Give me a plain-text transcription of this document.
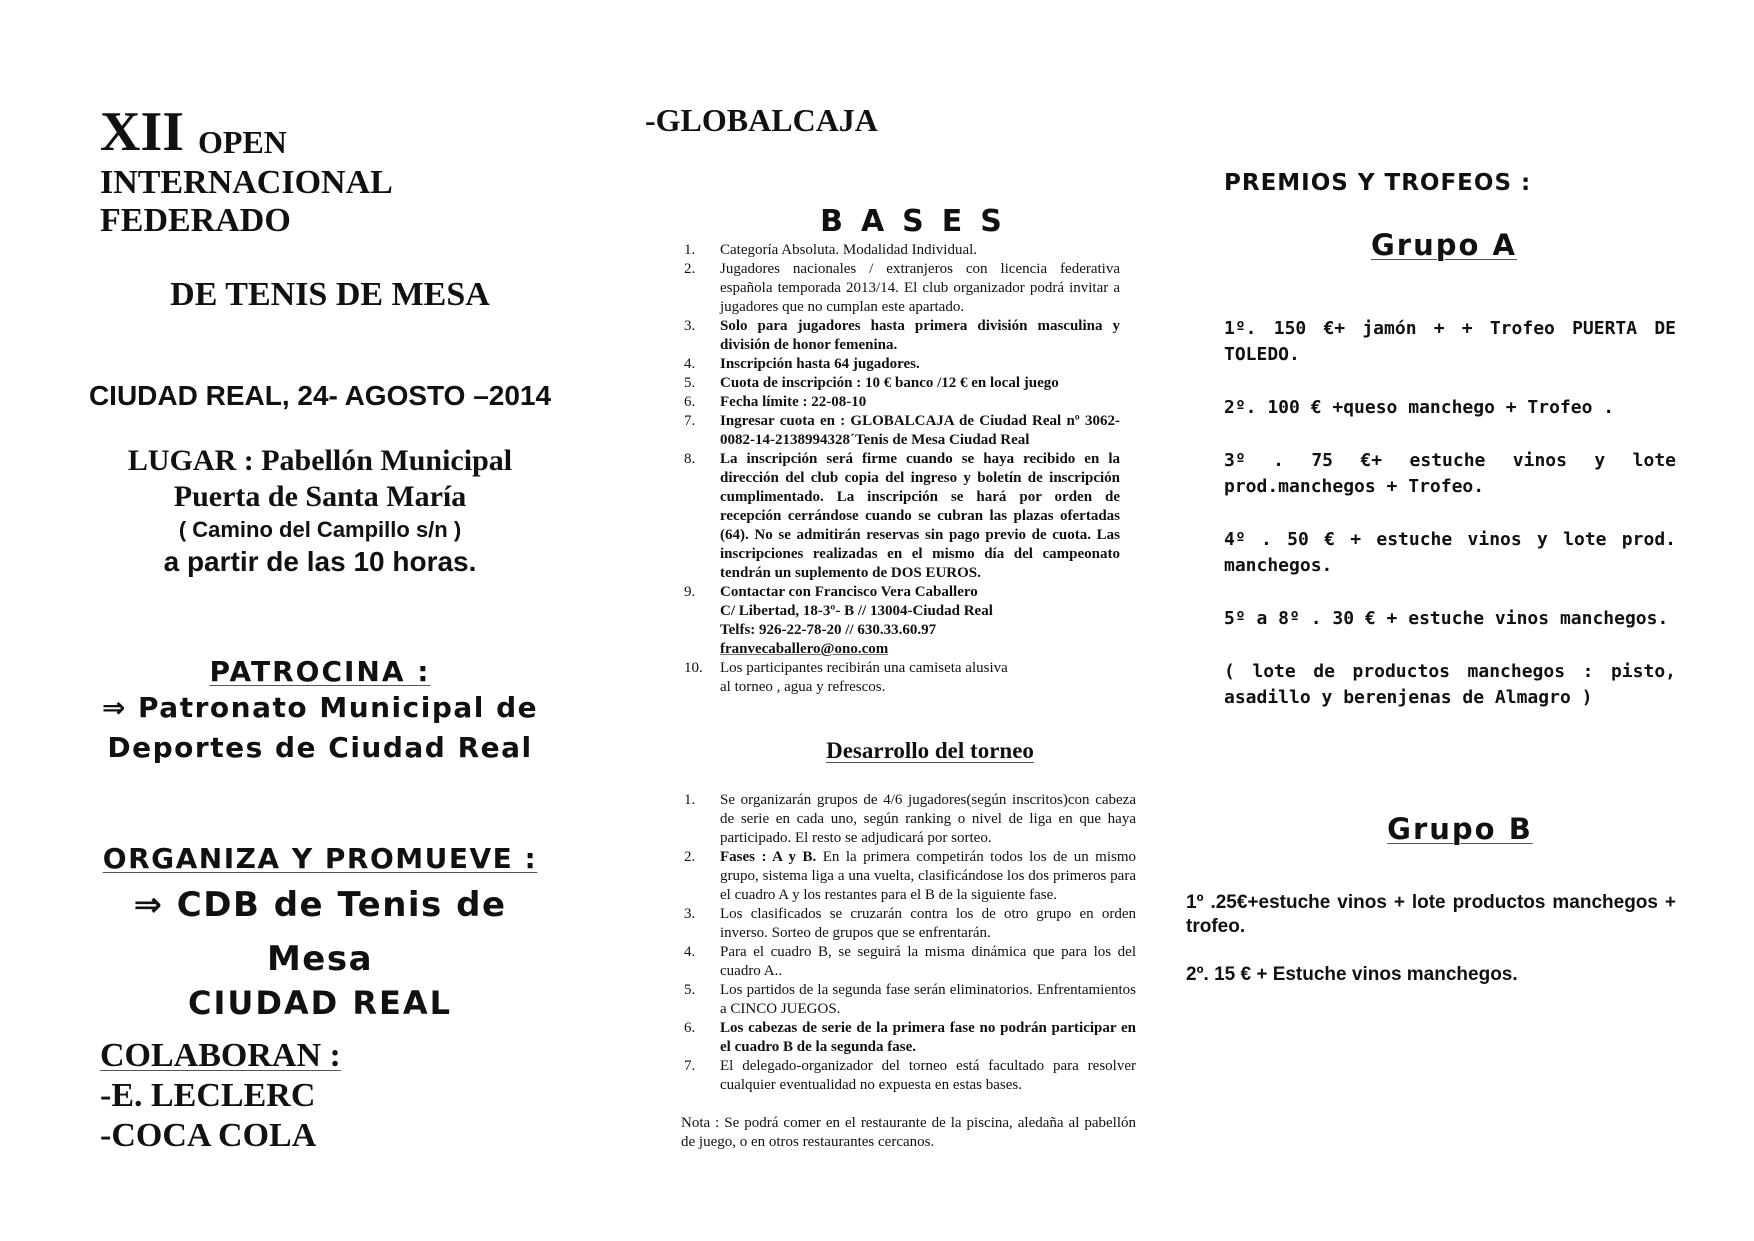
XII OPEN
INTERNACIONAL
FEDERADO
DE TENIS DE MESA
CIUDAD REAL, 24- AGOSTO –2014
LUGAR : Pabellón Municipal
Puerta de Santa María
( Camino del Campillo s/n )
a partir de las 10 horas.
PATROCINA :
⇒ Patronato Municipal de
Deportes de Ciudad Real
ORGANIZA Y PROMUEVE :
⇒ CDB de Tenis de
Mesa
CIUDAD REAL
COLABORAN :
-E. LECLERC
-COCA COLA
-GLOBALCAJA
BASES
1. Categoría Absoluta. Modalidad Individual.
2. Jugadores nacionales / extranjeros con licencia federativa española temporada 2013/14. El club organizador podrá invitar a jugadores que no cumplan este apartado.
3. Solo para jugadores hasta primera división masculina y división de honor femenina.
4. Inscripción hasta 64 jugadores.
5. Cuota de inscripción : 10 € banco /12 € en local juego
6. Fecha límite : 22-08-10
7. Ingresar cuota en : GLOBALCAJA de Ciudad Real nº 3062-0082-14-2138994328´Tenis de Mesa Ciudad Real
8. La inscripción será firme cuando se haya recibido en la dirección del club copia del ingreso y boletín de inscripción cumplimentado. La inscripción se hará por orden de recepción cerrándose cuando se cubran las plazas ofertadas (64). No se admitirán reservas sin pago previo de cuota. Las inscripciones realizadas en el mismo día del campeonato tendrán un suplemento de DOS EUROS.
9. Contactar con Francisco Vera Caballero
C/ Libertad, 18-3º- B // 13004-Ciudad Real
Telfs: 926-22-78-20 // 630.33.60.97
franvecaballero@ono.com
10. Los participantes recibirán una camiseta alusiva
al torneo , agua y refrescos.
Desarrollo del torneo
1. Se organizarán grupos de 4/6 jugadores(según inscritos)con cabeza de serie en cada uno, según ranking o nivel de liga en que haya participado. El resto se adjudicará por sorteo.
2. Fases : A y B. En la primera competirán todos los de un mismo grupo, sistema liga a una vuelta, clasificándose los dos primeros para el cuadro A y los restantes para el B de la siguiente fase.
3. Los clasificados se cruzarán contra los de otro grupo en orden inverso. Sorteo de grupos que se enfrentarán.
4. Para el cuadro B, se seguirá la misma dinámica que para los del cuadro A..
5. Los partidos de la segunda fase serán eliminatorios. Enfrentamientos a CINCO JUEGOS.
6. Los cabezas de serie de la primera fase no podrán participar en el cuadro B de la segunda fase.
7. El delegado-organizador del torneo está facultado para resolver cualquier eventualidad no expuesta en estas bases.
Nota : Se podrá comer en el restaurante de la piscina, aledaña al pabellón de juego, o en otros restaurantes cercanos.
PREMIOS Y TROFEOS :
Grupo A

1º. 150 €+ jamón + + Trofeo PUERTA DE TOLEDO.

2º. 100 € +queso manchego + Trofeo .

3º . 75 €+ estuche vinos y lote prod.manchegos + Trofeo.

4º . 50 € + estuche vinos y lote prod. manchegos.

5º a 8º . 30 € + estuche vinos manchegos.

( lote de productos manchegos : pisto, asadillo y berenjenas de Almagro )

Grupo B

1º .25€+estuche vinos + lote productos manchegos + trofeo.

2º. 15 € + Estuche vinos manchegos.
